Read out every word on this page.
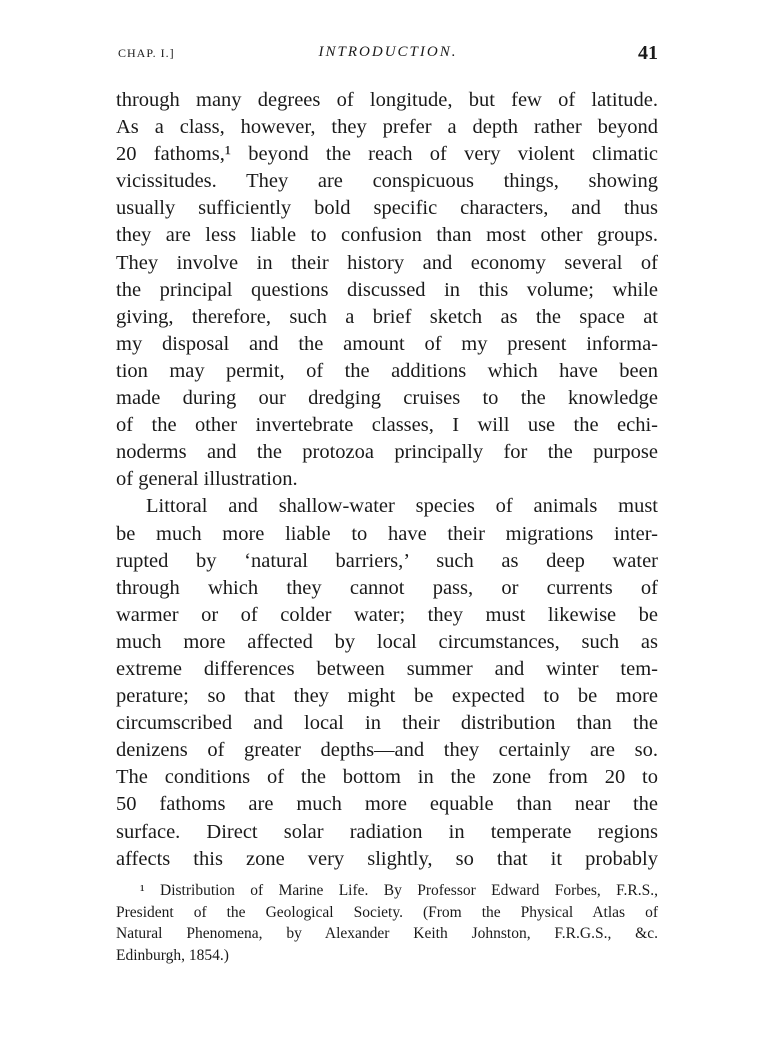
CHAP. I.]	INTRODUCTION.	41
through many degrees of longitude, but few of latitude.
As a class, however, they prefer a depth rather beyond
20 fathoms,¹ beyond the reach of very violent climatic
vicissitudes. They are conspicuous things, showing
usually sufficiently bold specific characters, and thus
they are less liable to confusion than most other groups.
They involve in their history and economy several of
the principal questions discussed in this volume; while
giving, therefore, such a brief sketch as the space at
my disposal and the amount of my present informa-
tion may permit, of the additions which have been
made during our dredging cruises to the knowledge
of the other invertebrate classes, I will use the echi-
noderms and the protozoa principally for the purpose
of general illustration.
Littoral and shallow-water species of animals must
be much more liable to have their migrations inter-
rupted by ‘natural barriers,’ such as deep water
through which they cannot pass, or currents of
warmer or of colder water; they must likewise be
much more affected by local circumstances, such as
extreme differences between summer and winter tem-
perature; so that they might be expected to be more
circumscribed and local in their distribution than the
denizens of greater depths—and they certainly are so.
The conditions of the bottom in the zone from 20 to
50 fathoms are much more equable than near the
surface. Direct solar radiation in temperate regions
affects this zone very slightly, so that it probably
¹ Distribution of Marine Life. By Professor Edward Forbes, F.R.S.,
President of the Geological Society. (From the Physical Atlas of
Natural Phenomena, by Alexander Keith Johnston, F.R.G.S., &c.
Edinburgh, 1854.)
